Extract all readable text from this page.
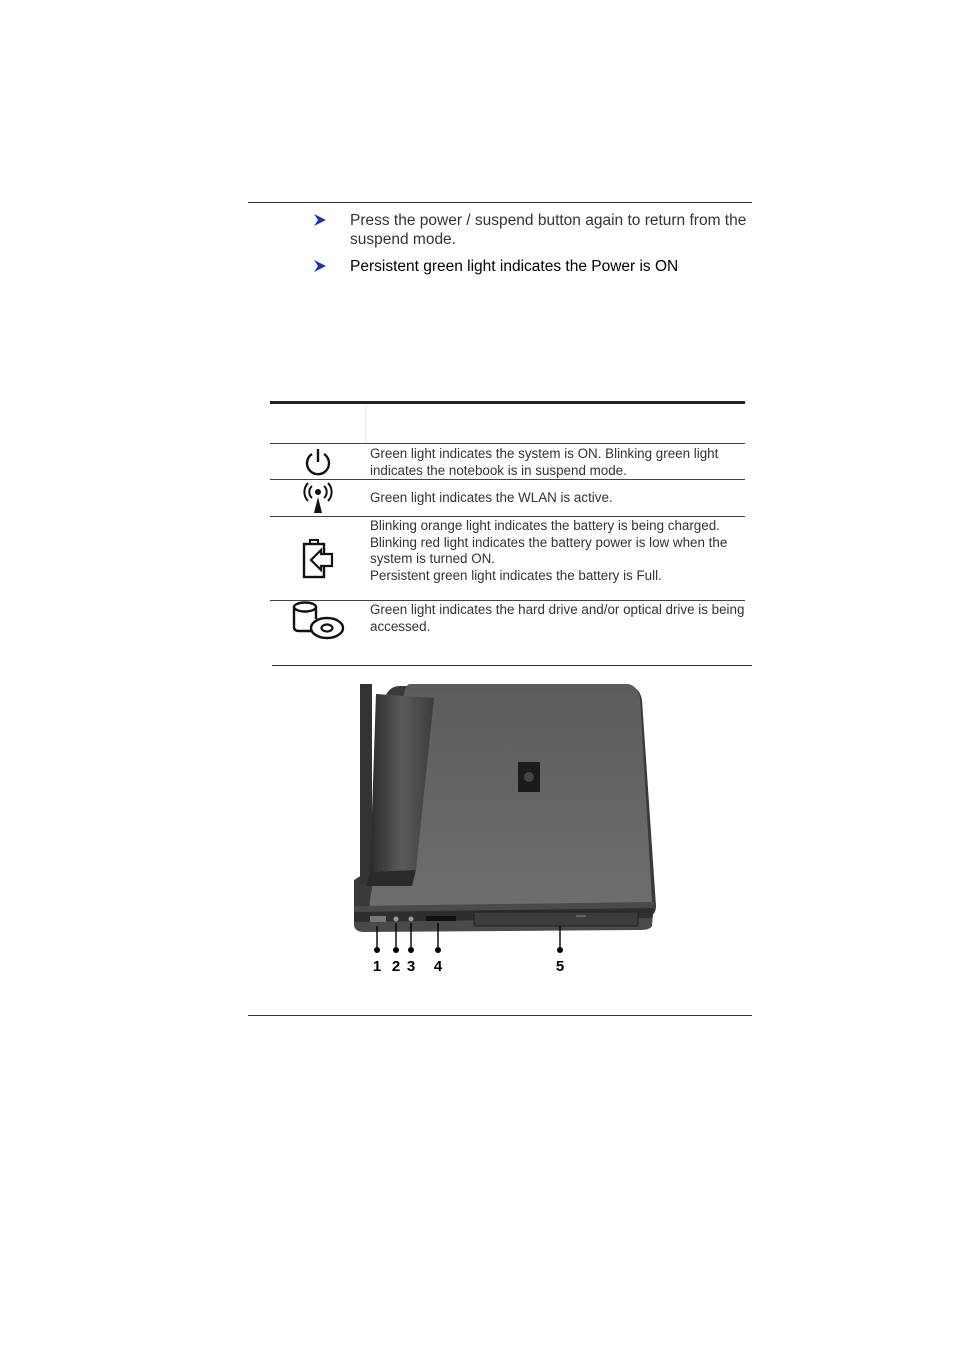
Press the power / suspend button again to return from the suspend mode.
Persistent green light indicates the Power is ON
Green light indicates the system is ON. Blinking green light indicates the notebook is in suspend mode.
Green light indicates the WLAN is active.
Blinking orange light indicates the battery is being charged.
Blinking red light indicates the battery power is low when the system is turned ON.
Persistent green light indicates the battery is Full.
Green light indicates the hard drive and/or optical drive is being accessed.
1 2 3 4	5
